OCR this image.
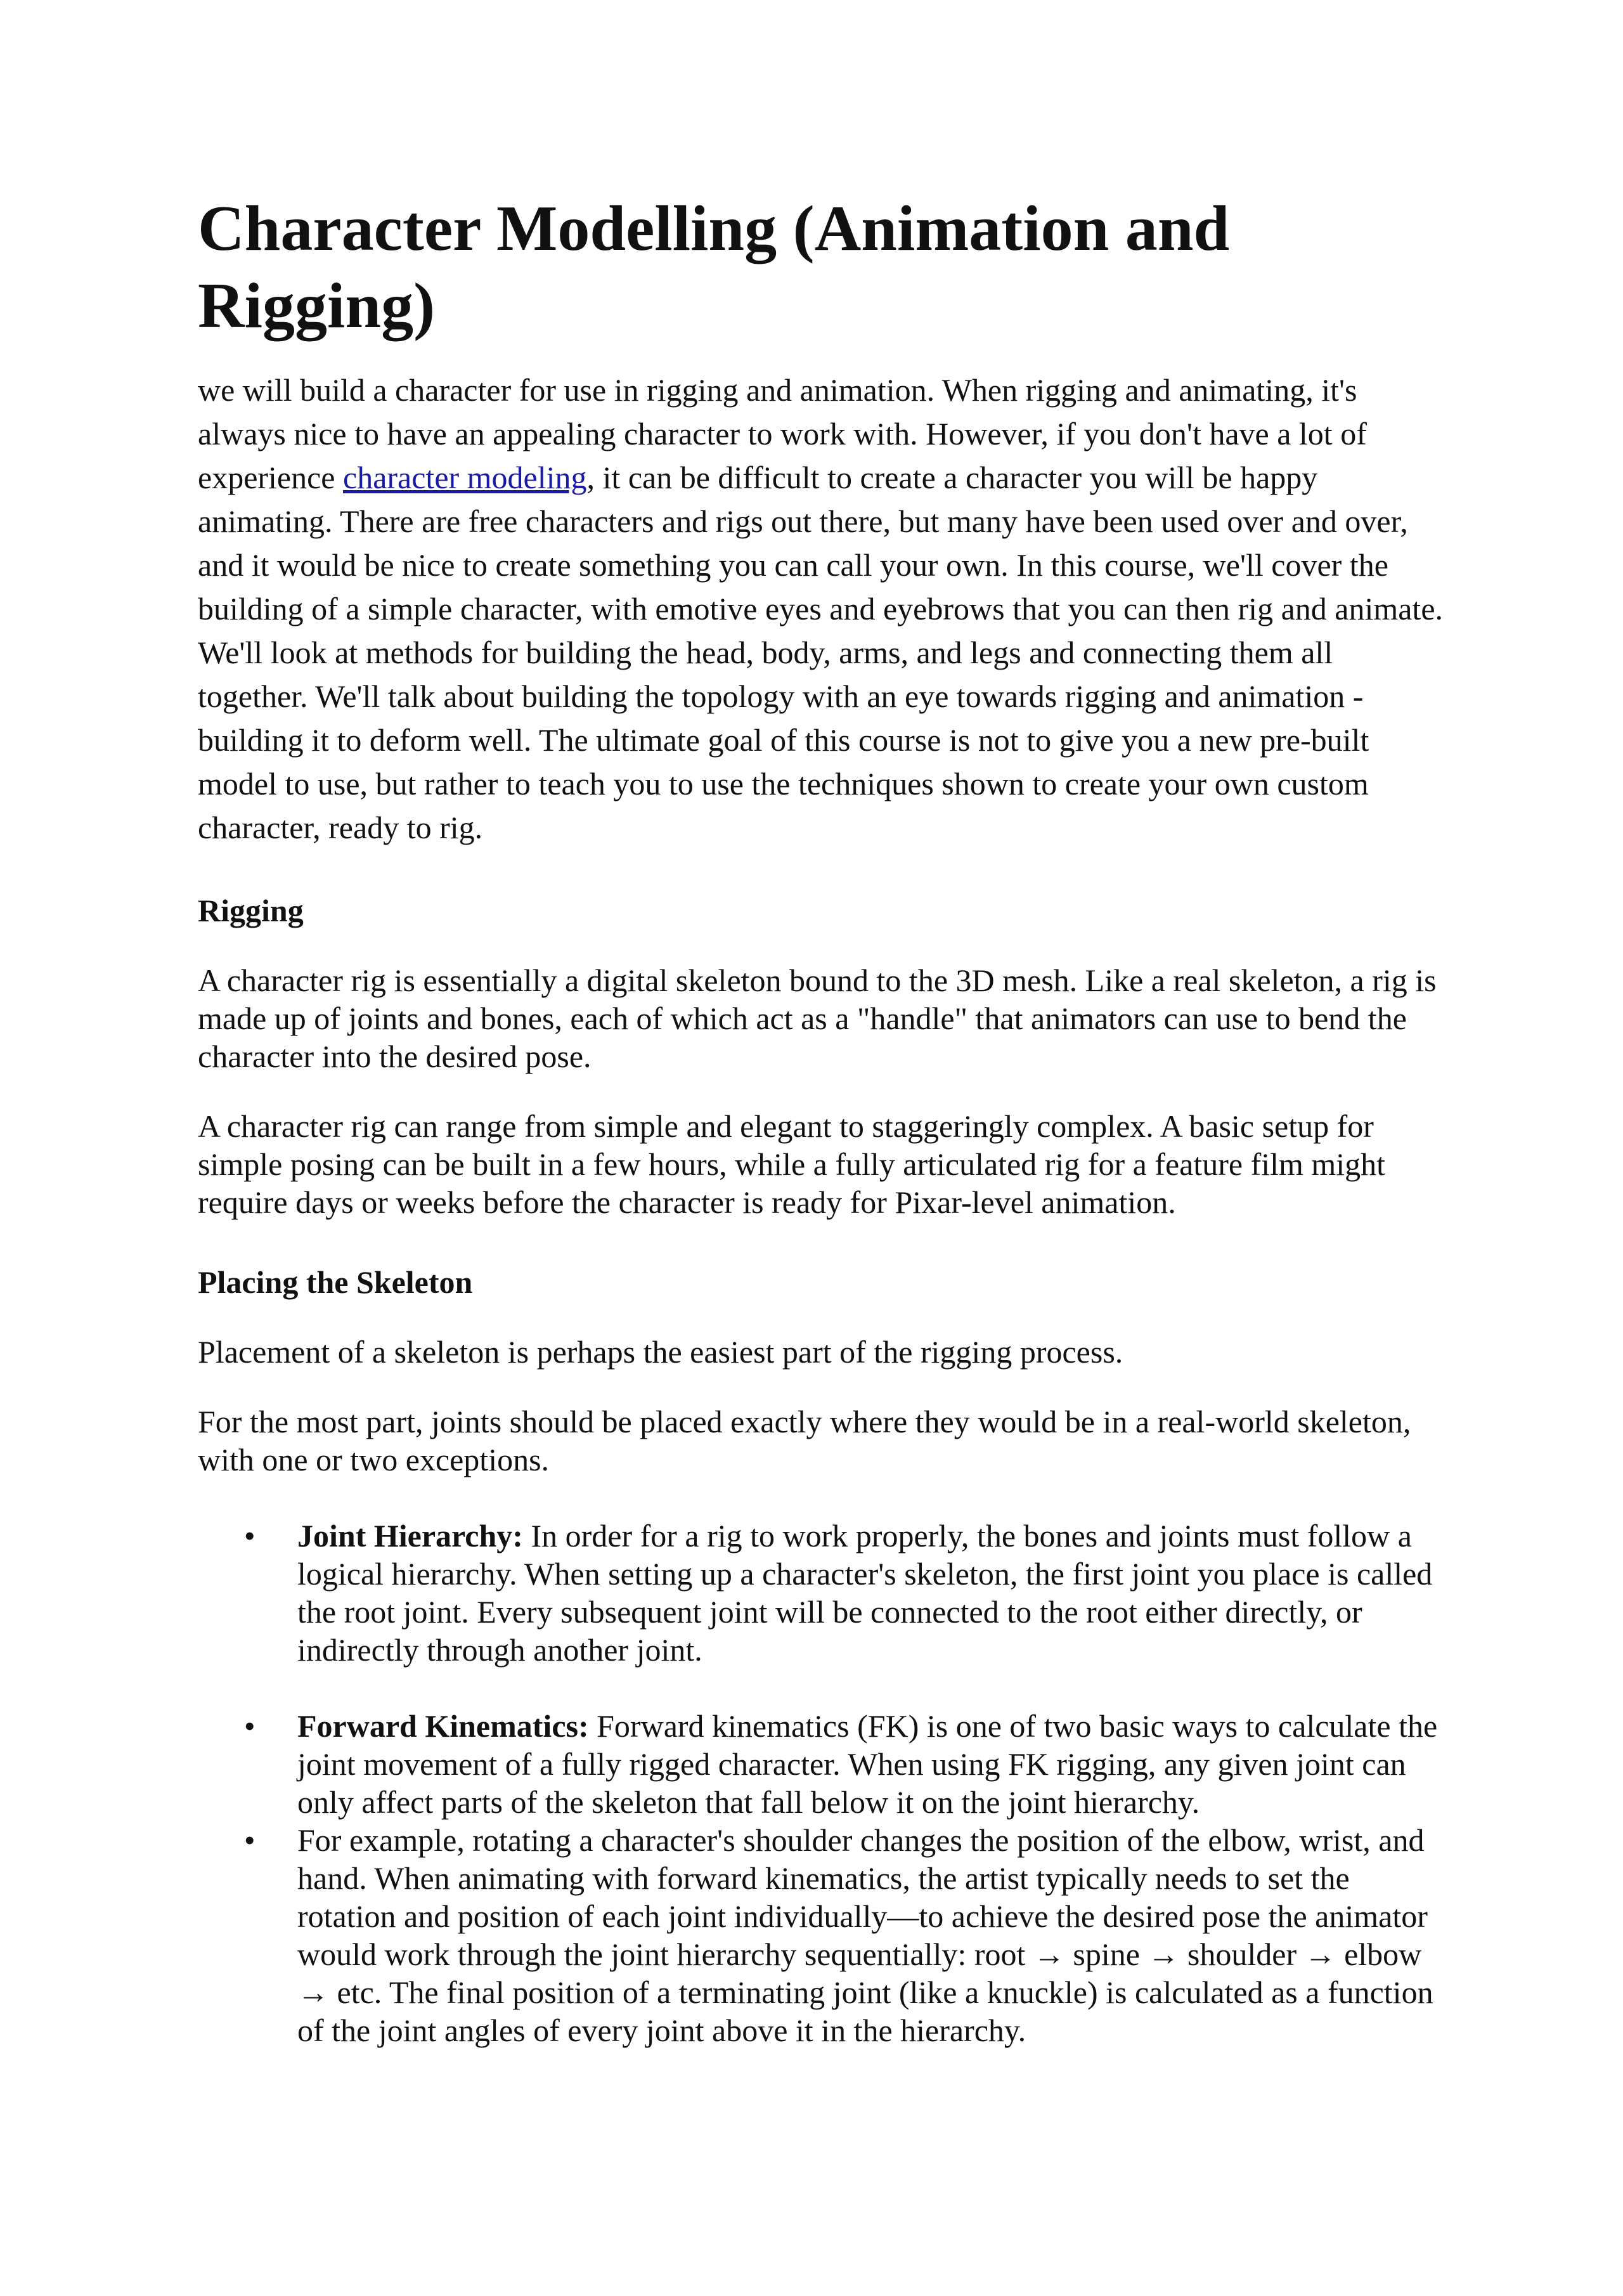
Character Modelling (Animation and Rigging)

we will build a character for use in rigging and animation. When rigging and animating, it's always nice to have an appealing character to work with. However, if you don't have a lot of experience character modeling, it can be difficult to create a character you will be happy animating. There are free characters and rigs out there, but many have been used over and over, and it would be nice to create something you can call your own. In this course, we'll cover the building of a simple character, with emotive eyes and eyebrows that you can then rig and animate. We'll look at methods for building the head, body, arms, and legs and connecting them all together. We'll talk about building the topology with an eye towards rigging and animation - building it to deform well. The ultimate goal of this course is not to give you a new pre-built model to use, but rather to teach you to use the techniques shown to create your own custom character, ready to rig.

Rigging

A character rig is essentially a digital skeleton bound to the 3D mesh. Like a real skeleton, a rig is made up of joints and bones, each of which act as a "handle" that animators can use to bend the character into the desired pose.

A character rig can range from simple and elegant to staggeringly complex. A basic setup for simple posing can be built in a few hours, while a fully articulated rig for a feature film might require days or weeks before the character is ready for Pixar-level animation.

Placing the Skeleton

Placement of a skeleton is perhaps the easiest part of the rigging process.

For the most part, joints should be placed exactly where they would be in a real-world skeleton, with one or two exceptions.

• Joint Hierarchy: In order for a rig to work properly, the bones and joints must follow a logical hierarchy. When setting up a character's skeleton, the first joint you place is called the root joint. Every subsequent joint will be connected to the root either directly, or indirectly through another joint.
• Forward Kinematics: Forward kinematics (FK) is one of two basic ways to calculate the joint movement of a fully rigged character. When using FK rigging, any given joint can only affect parts of the skeleton that fall below it on the joint hierarchy.
• For example, rotating a character's shoulder changes the position of the elbow, wrist, and hand. When animating with forward kinematics, the artist typically needs to set the rotation and position of each joint individually—to achieve the desired pose the animator would work through the joint hierarchy sequentially: root → spine → shoulder → elbow → etc. The final position of a terminating joint (like a knuckle) is calculated as a function of the joint angles of every joint above it in the hierarchy.
